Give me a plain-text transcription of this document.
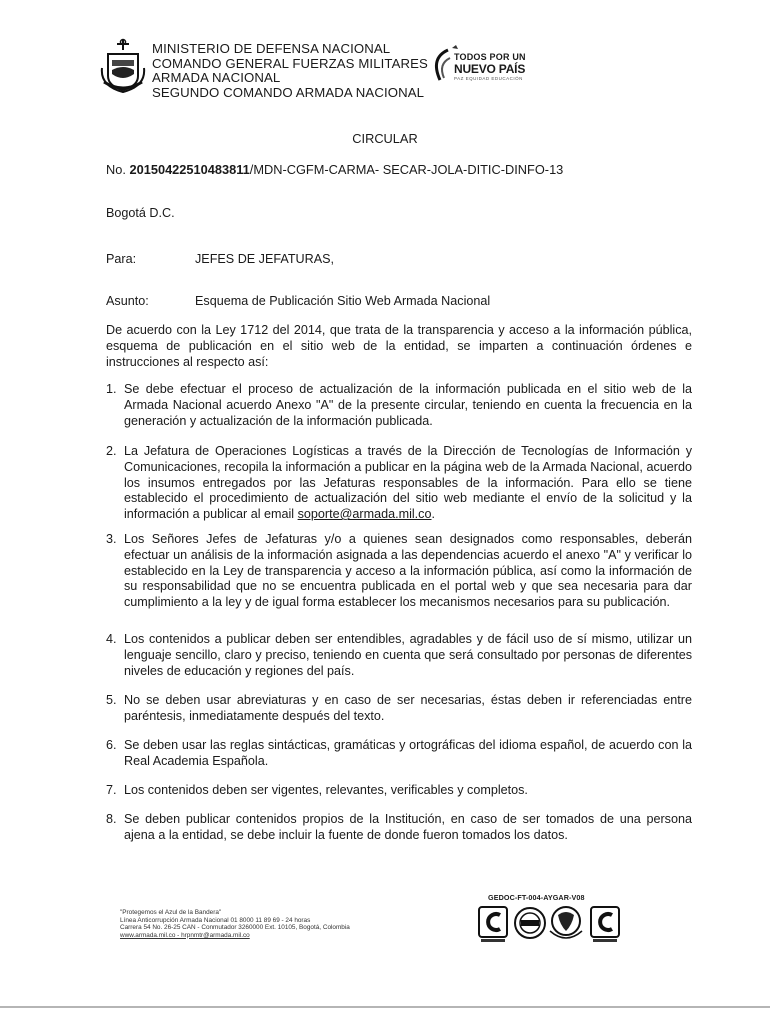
MINISTERIO DE DEFENSA NACIONAL
COMANDO GENERAL FUERZAS MILITARES
ARMADA NACIONAL
SEGUNDO COMANDO ARMADA NACIONAL
TODOS POR UN
NUEVO PAÍS
PAZ EQUIDAD EDUCACIÓN
CIRCULAR
No. 20150422510483811/MDN-CGFM-CARMA- SECAR-JOLA-DITIC-DINFO-13
Bogotá D.C.
Para:	JEFES DE JEFATURAS,
Asunto:	Esquema de Publicación Sitio Web Armada Nacional
De acuerdo con la Ley 1712 del 2014, que trata de la transparencia y acceso a la información pública, esquema de publicación en el sitio web de la entidad, se imparten a continuación órdenes e instrucciones al respecto así:
1. Se debe efectuar el proceso de actualización de la información publicada en el sitio web de la Armada Nacional acuerdo Anexo "A" de la presente circular, teniendo en cuenta la frecuencia en la generación y actualización de la información publicada.
2. La Jefatura de Operaciones Logísticas a través de la Dirección de Tecnologías de Información y Comunicaciones, recopila la información a publicar en la página web de la Armada Nacional, acuerdo los insumos entregados por las Jefaturas responsables de la información. Para ello se tiene establecido el procedimiento de actualización del sitio web mediante el envío de la solicitud y la información a publicar al email soporte@armada.mil.co.
3. Los Señores Jefes de Jefaturas y/o a quienes sean designados como responsables, deberán efectuar un análisis de la información asignada a las dependencias acuerdo el anexo "A" y verificar lo establecido en la Ley de transparencia y acceso a la información pública, así como la información de su responsabilidad que no se encuentra publicada en el portal web y que sea necesaria para dar cumplimiento a la ley y de igual forma establecer los mecanismos necesarios para su publicación.
4. Los contenidos a publicar deben ser entendibles, agradables y de fácil uso de sí mismo, utilizar un lenguaje sencillo, claro y preciso, teniendo en cuenta que será consultado por personas de diferentes niveles de educación y regiones del país.
5. No se deben usar abreviaturas y en caso de ser necesarias, éstas deben ir referenciadas entre paréntesis, inmediatamente después del texto.
6. Se deben usar las reglas sintácticas, gramáticas y ortográficas del idioma español, de acuerdo con la Real Academia Española.
7. Los contenidos deben ser vigentes, relevantes, verificables y completos.
8. Se deben publicar contenidos propios de la Institución, en caso de ser tomados de una persona ajena a la entidad, se debe incluir la fuente de donde fueron tomados los datos.
"Protegemos el Azul de la Bandera"
Línea Anticorrupción Armada Nacional 01 8000 11 89 69 - 24 horas
Carrera 54 No. 26-25 CAN - Conmutador 3260000 Ext. 10105, Bogotá, Colombia
www.armada.mil.co - hrpnmtr@armada.mil.co
GEDOC-FT-004-AYGAR-V08
